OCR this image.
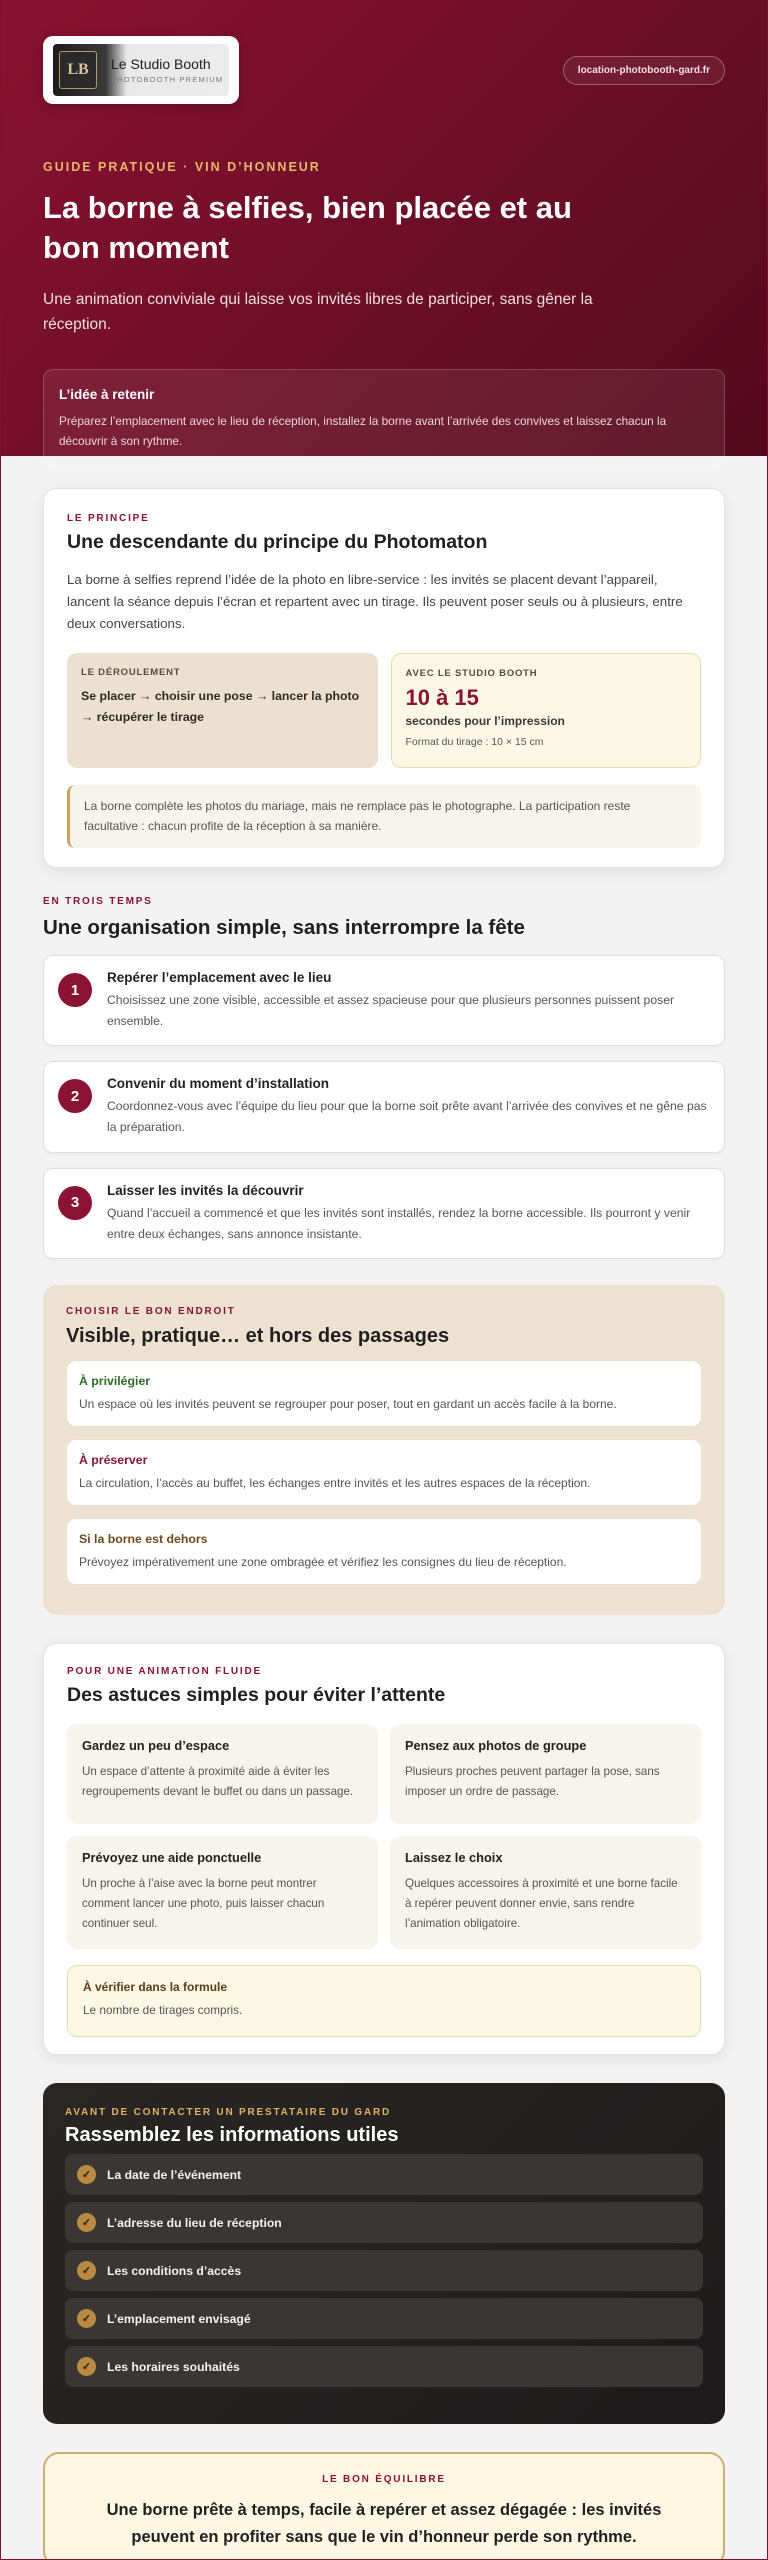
LB	Le Studio Booth
PHOTOBOOTH PREMIUM
location-photobooth-gard.fr
GUIDE PRATIQUE · VIN D’HONNEUR
La borne à selfies, bien placée et au bon moment

Une animation conviviale qui laisse vos invités libres de participer, sans gêner la réception.

L’idée à retenir
Préparez l’emplacement avec le lieu de réception, installez la borne avant l’arrivée des convives et laissez chacun la découvrir à son rythme.
LE PRINCIPE
Une descendante du principe du Photomaton

La borne à selfies reprend l’idée de la photo en libre-service : les invités se placent devant l’appareil, lancent la séance depuis l’écran et repartent avec un tirage. Ils peuvent poser seuls ou à plusieurs, entre deux conversations.

LE DÉROULEMENT
Se placer → choisir une pose → lancer la photo → récupérer le tirage
AVEC LE STUDIO BOOTH
10 à 15
secondes pour l’impression
Format du tirage : 10 × 15 cm
La borne complète les photos du mariage, mais ne remplace pas le photographe. La participation reste facultative : chacun profite de la réception à sa manière.
EN TROIS TEMPS
Une organisation simple, sans interrompre la fête
1
Repérer l’emplacement avec le lieu
Choisissez une zone visible, accessible et assez spacieuse pour que plusieurs personnes puissent poser ensemble.
2
Convenir du moment d’installation
Coordonnez-vous avec l’équipe du lieu pour que la borne soit prête avant l’arrivée des convives et ne gêne pas la préparation.
3
Laisser les invités la découvrir
Quand l’accueil a commencé et que les invités sont installés, rendez la borne accessible. Ils pourront y venir entre deux échanges, sans annonce insistante.
CHOISIR LE BON ENDROIT
Visible, pratique… et hors des passages
À privilégier
Un espace où les invités peuvent se regrouper pour poser, tout en gardant un accès facile à la borne.
À préserver
La circulation, l’accès au buffet, les échanges entre invités et les autres espaces de la réception.
Si la borne est dehors
Prévoyez impérativement une zone ombragée et vérifiez les consignes du lieu de réception.
POUR UNE ANIMATION FLUIDE
Des astuces simples pour éviter l’attente
Gardez un peu d’espace
Un espace d’attente à proximité aide à éviter les regroupements devant le buffet ou dans un passage.
Pensez aux photos de groupe
Plusieurs proches peuvent partager la pose, sans imposer un ordre de passage.
Prévoyez une aide ponctuelle
Un proche à l’aise avec la borne peut montrer comment lancer une photo, puis laisser chacun continuer seul.
Laissez le choix
Quelques accessoires à proximité et une borne facile à repérer peuvent donner envie, sans rendre l’animation obligatoire.
À vérifier dans la formule
Le nombre de tirages compris.
AVANT DE CONTACTER UN PRESTATAIRE DU GARD
Rassemblez les informations utiles
✓	La date de l’événement
✓	L’adresse du lieu de réception
✓	Les conditions d’accès
✓	L’emplacement envisagé
✓	Les horaires souhaités
LE BON ÉQUILIBRE
Une borne prête à temps, facile à repérer et assez dégagée : les invités peuvent en profiter sans que le vin d’honneur perde son rythme.
